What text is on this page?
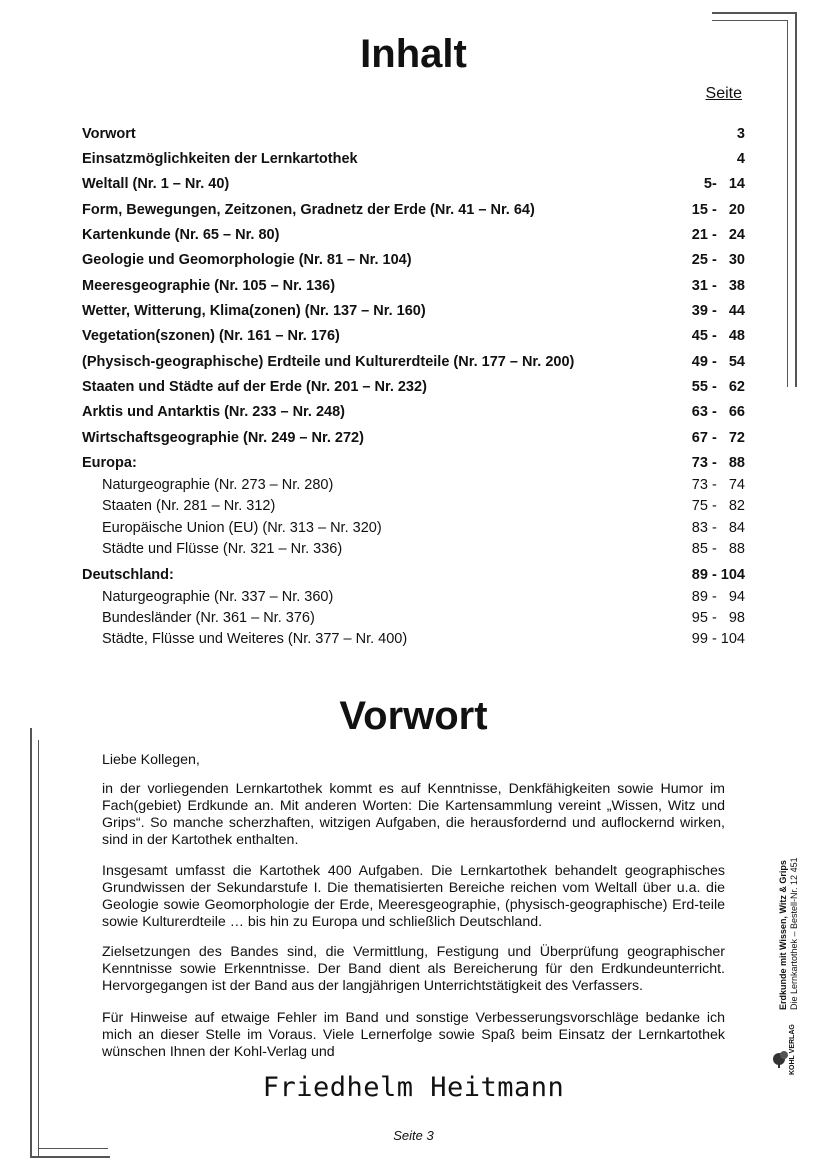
Inhalt
Seite
Vorwort	3
Einsatzmöglichkeiten der Lernkartothek	4
Weltall (Nr. 1 – Nr. 40)	5-   14
Form, Bewegungen, Zeitzonen, Gradnetz der Erde (Nr. 41 – Nr. 64)	15 -   20
Kartenkunde (Nr. 65 – Nr. 80)	21 -   24
Geologie und Geomorphologie (Nr. 81 – Nr. 104)	25 -   30
Meeresgeographie (Nr. 105 – Nr. 136)	31 -   38
Wetter, Witterung, Klima(zonen) (Nr. 137 – Nr. 160)	39 -   44
Vegetation(szonen) (Nr. 161 – Nr. 176)	45 -   48
(Physisch-geographische) Erdteile und Kulturerdteile (Nr. 177 – Nr. 200)	49 -   54
Staaten und Städte auf der Erde (Nr. 201 – Nr. 232)	55 -   62
Arktis und Antarktis (Nr. 233 – Nr. 248)	63 -   66
Wirtschaftsgeographie (Nr. 249 – Nr. 272)	67 -   72
Europa:	73 -   88
Naturgeographie (Nr. 273 – Nr. 280)	73 -   74
Staaten (Nr. 281 – Nr. 312)	75 -   82
Europäische Union (EU) (Nr. 313 – Nr. 320)	83 -   84
Städte und Flüsse (Nr. 321 – Nr. 336)	85 -   88
Deutschland:	89 - 104
Naturgeographie (Nr. 337 – Nr. 360)	89 -   94
Bundesländer (Nr. 361 – Nr. 376)	95 -   98
Städte, Flüsse und Weiteres (Nr. 377 – Nr. 400)	99 - 104
Vorwort
Liebe Kollegen,
in der vorliegenden Lernkartothek kommt es auf Kenntnisse, Denkfähigkeiten sowie Humor im Fach(gebiet) Erdkunde an. Mit anderen Worten: Die Kartensammlung vereint „Wissen, Witz und Grips“. So manche scherzhaften, witzigen Aufgaben, die herausfordernd und auflockernd wirken, sind in der Kartothek enthalten.
Insgesamt umfasst die Kartothek 400 Aufgaben. Die Lernkartothek behandelt geographisches Grundwissen der Sekundarstufe I. Die thematisierten Bereiche reichen vom Weltall über u.a. die Geologie sowie Geomorphologie der Erde, Meeresgeographie, (physisch-geographische) Erd-teile sowie Kulturerdteile … bis hin zu Europa und schließlich Deutschland.
Zielsetzungen des Bandes sind, die Vermittlung, Festigung und Überprüfung geographischer Kenntnisse sowie Erkenntnisse. Der Band dient als Bereicherung für den Erdkundeunterricht. Hervorgegangen ist der Band aus der langjährigen Unterrichtstätigkeit des Verfassers.
Für Hinweise auf etwaige Fehler im Band und sonstige Verbesserungsvorschläge bedanke ich mich an dieser Stelle im Voraus. Viele Lernerfolge sowie Spaß beim Einsatz der Lernkartothek wünschen Ihnen der Kohl-Verlag und
Friedhelm Heitmann
Seite 3
Erdkunde mit Wissen, Witz & Grips Die Lernkartothek – Bestell-Nr. 12 451
KOHL VERLAG
